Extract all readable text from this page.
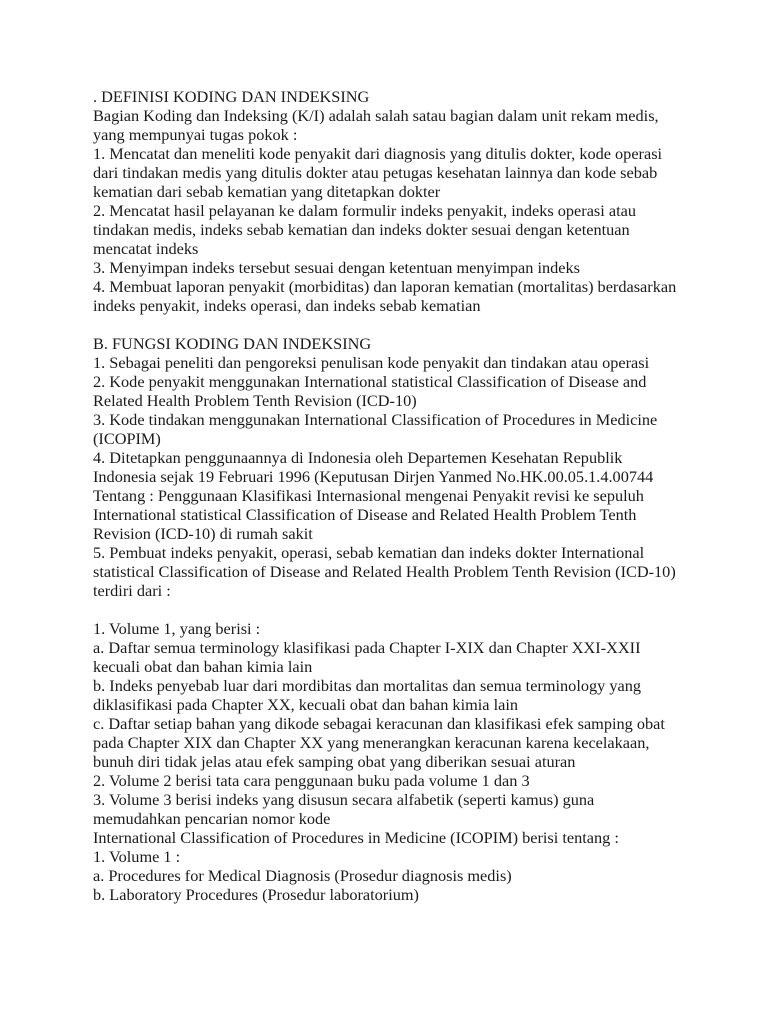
. DEFINISI KODING DAN INDEKSING

Bagian Koding dan Indeksing (K/I) adalah salah satau bagian dalam unit rekam medis, yang mempunyai tugas pokok :

1. Mencatat dan meneliti kode penyakit dari diagnosis yang ditulis dokter, kode operasi dari tindakan medis yang ditulis dokter atau petugas kesehatan lainnya dan kode sebab kematian dari sebab kematian yang ditetapkan dokter

2. Mencatat hasil pelayanan ke dalam formulir indeks penyakit, indeks operasi atau tindakan medis, indeks sebab kematian dan indeks dokter sesuai dengan ketentuan mencatat indeks

3. Menyimpan indeks tersebut sesuai dengan ketentuan menyimpan indeks

4. Membuat laporan penyakit (morbiditas) dan laporan kematian (mortalitas) berdasarkan indeks penyakit, indeks operasi, dan indeks sebab kematian

B. FUNGSI KODING DAN INDEKSING

1. Sebagai peneliti dan pengoreksi penulisan kode penyakit dan tindakan atau operasi

2. Kode penyakit menggunakan International statistical Classification of Disease and Related Health Problem Tenth Revision (ICD-10)

3. Kode tindakan menggunakan International Classification of Procedures in Medicine (ICOPIM)

4. Ditetapkan penggunaannya di Indonesia oleh Departemen Kesehatan Republik Indonesia sejak 19 Februari 1996 (Keputusan Dirjen Yanmed No.HK.00.05.1.4.00744 Tentang : Penggunaan Klasifikasi Internasional mengenai Penyakit revisi ke sepuluh International statistical Classification of Disease and Related Health Problem Tenth Revision (ICD-10) di rumah sakit

5. Pembuat indeks penyakit, operasi, sebab kematian dan indeks dokter International statistical Classification of Disease and Related Health Problem Tenth Revision (ICD-10) terdiri dari :

1. Volume 1, yang berisi :

a. Daftar semua terminology klasifikasi pada Chapter I-XIX dan Chapter XXI-XXII kecuali obat dan bahan kimia lain

b. Indeks penyebab luar dari mordibitas dan mortalitas dan semua terminology yang diklasifikasi pada Chapter XX, kecuali obat dan bahan kimia lain

c. Daftar setiap bahan yang dikode sebagai keracunan dan klasifikasi efek samping obat pada Chapter XIX dan Chapter XX yang menerangkan keracunan karena kecelakaan, bunuh diri tidak jelas atau efek samping obat yang diberikan sesuai aturan

2. Volume 2 berisi tata cara penggunaan buku pada volume 1 dan 3

3. Volume 3 berisi indeks yang disusun secara alfabetik (seperti kamus) guna memudahkan pencarian nomor kode

International Classification of Procedures in Medicine (ICOPIM) berisi tentang :

1. Volume 1 :

a. Procedures for Medical Diagnosis (Prosedur diagnosis medis)

b. Laboratory Procedures (Prosedur laboratorium)
